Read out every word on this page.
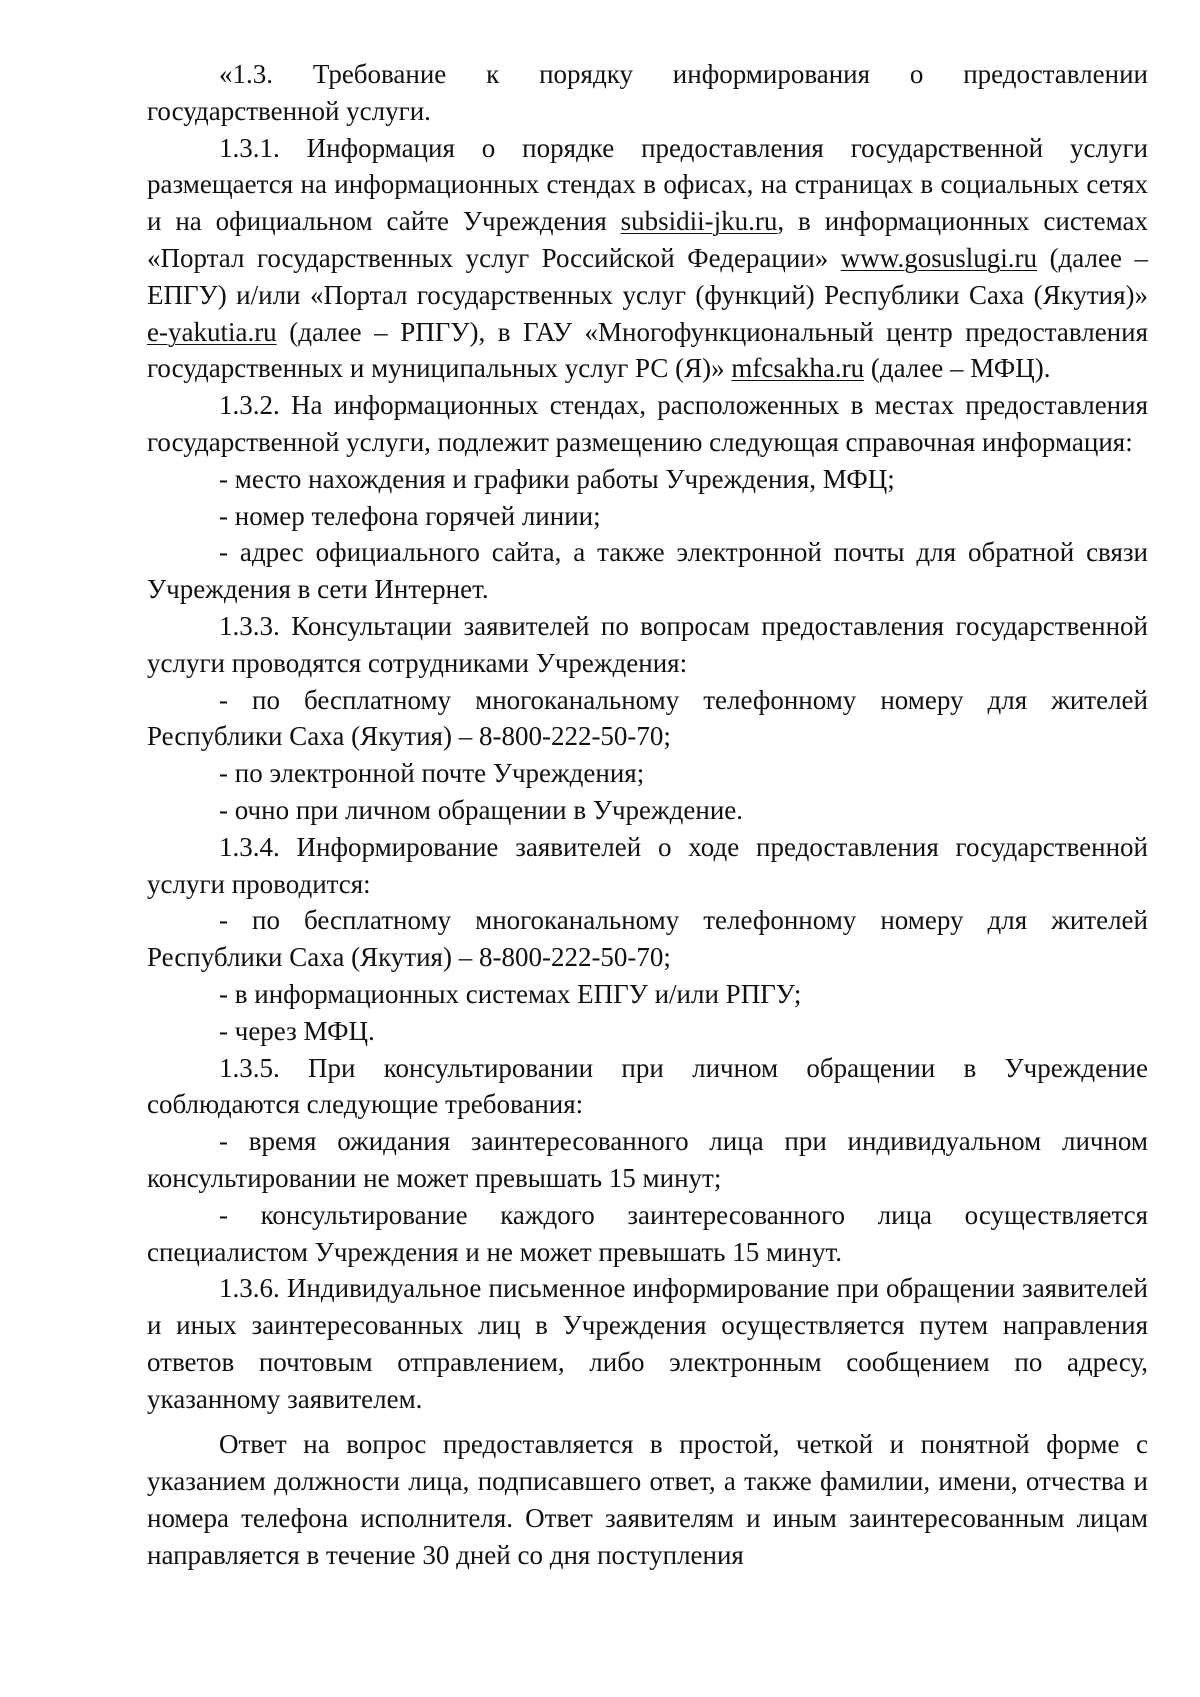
«1.3. Требование к порядку информирования о предоставлении государственной услуги.

1.3.1. Информация о порядке предоставления государственной услуги размещается на информационных стендах в офисах, на страницах в социальных сетях и на официальном сайте Учреждения subsidii-jku.ru, в информационных системах «Портал государственных услуг Российской Федерации» www.gosuslugi.ru (далее – ЕПГУ) и/или «Портал государственных услуг (функций) Республики Саха (Якутия)» e-yakutia.ru (далее – РПГУ), в ГАУ «Многофункциональный центр предоставления государственных и муниципальных услуг РС (Я)» mfcsakha.ru (далее – МФЦ).

1.3.2. На информационных стендах, расположенных в местах предоставления государственной услуги, подлежит размещению следующая справочная информация:

- место нахождения и графики работы Учреждения, МФЦ;

- номер телефона горячей линии;

- адрес официального сайта, а также электронной почты для обратной связи Учреждения в сети Интернет.

1.3.3. Консультации заявителей по вопросам предоставления государственной услуги проводятся сотрудниками Учреждения:

- по бесплатному многоканальному телефонному номеру для жителей Республики Саха (Якутия) – 8-800-222-50-70;

- по электронной почте Учреждения;

- очно при личном обращении в Учреждение.

1.3.4. Информирование заявителей о ходе предоставления государственной услуги проводится:

- по бесплатному многоканальному телефонному номеру для жителей Республики Саха (Якутия) – 8-800-222-50-70;

- в информационных системах ЕПГУ и/или РПГУ;

- через МФЦ.

1.3.5. При консультировании при личном обращении в Учреждение соблюдаются следующие требования:

- время ожидания заинтересованного лица при индивидуальном личном консультировании не может превышать 15 минут;

- консультирование каждого заинтересованного лица осуществляется специалистом Учреждения и не может превышать 15 минут.

1.3.6. Индивидуальное письменное информирование при обращении заявителей и иных заинтересованных лиц в Учреждения осуществляется путем направления ответов почтовым отправлением, либо электронным сообщением по адресу, указанному заявителем.

Ответ на вопрос предоставляется в простой, четкой и понятной форме с указанием должности лица, подписавшего ответ, а также фамилии, имени, отчества и номера телефона исполнителя. Ответ заявителям и иным заинтересованным лицам направляется в течение 30 дней со дня поступления
